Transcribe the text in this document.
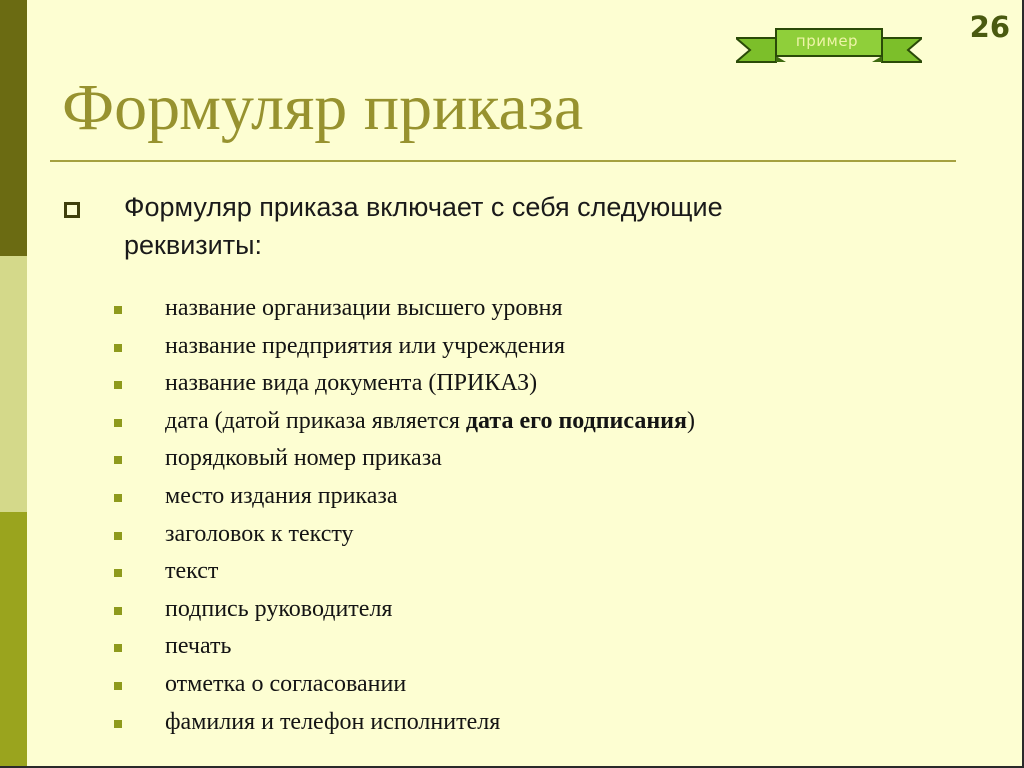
26
пример
Формуляр приказа
Формуляр приказа включает с себя следующие реквизиты:
название организации высшего уровня
название предприятия или учреждения
название вида документа (ПРИКАЗ)
дата (датой приказа является дата его подписания)
порядковый номер приказа
место издания приказа
заголовок к тексту
текст
подпись руководителя
печать
отметка о согласовании
фамилия и телефон исполнителя
